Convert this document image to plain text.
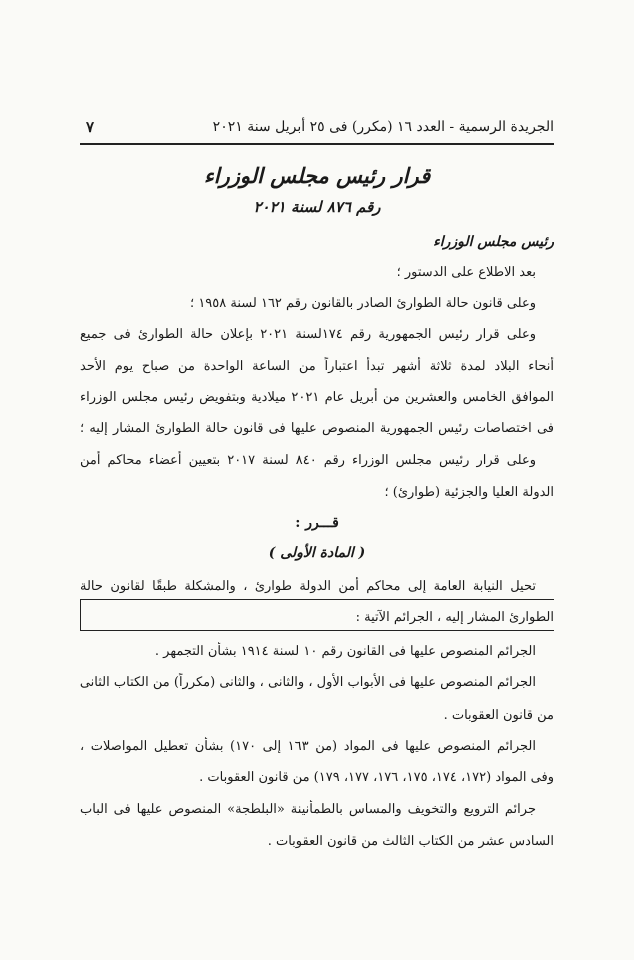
الجريدة الرسمية - العدد ١٦ (مكرر) فى ٢٥ أبريل سنة ٢٠٢١
٧
قرار رئيس مجلس الوزراء
رقم ٨٧٦ لسنة ٢٠٢١
رئيس مجلس الوزراء
بعد الاطلاع على الدستور ؛
وعلى قانون حالة الطوارئ الصادر بالقانون رقم ١٦٢ لسنة ١٩٥٨ ؛
وعلى قرار رئيس الجمهورية رقم ١٧٤لسنة ٢٠٢١ بإعلان حالة الطوارئ فى جميع
أنحاء البلاد لمدة ثلاثة أشهر تبدأ اعتباراً من الساعة الواحدة من صباح يوم الأحد
الموافق الخامس والعشرين من أبريل عام ٢٠٢١ ميلادية وبتفويض رئيس مجلس الوزراء
فى اختصاصات رئيس الجمهورية المنصوص عليها فى قانون حالة الطوارئ المشار إليه ؛
وعلى قرار رئيس مجلس الوزراء رقم ٨٤٠ لسنة ٢٠١٧ بتعيين أعضاء محاكم أمن
الدولة العليا والجزئية (طوارئ) ؛
قـــرر :
( المادة الأولى )
تحيل النيابة العامة إلى محاكم أمن الدولة طوارئ ، والمشكلة طبقًا لقانون حالة
الطوارئ المشار إليه ، الجرائم الآتية :
الجرائم المنصوص عليها فى القانون رقم ١٠ لسنة ١٩١٤ بشأن التجمهر .
الجرائم المنصوص عليها فى الأبواب الأول ، والثانى ، والثانى (مكرراً) من الكتاب الثانى
من قانون العقوبات .
الجرائم المنصوص عليها فى المواد (من ١٦٣ إلى ١٧٠) بشأن تعطيل المواصلات ،
وفى المواد (١٧٢، ١٧٤، ١٧٥، ١٧٦، ١٧٧، ١٧٩) من قانون العقوبات .
جرائم الترويع والتخويف والمساس بالطمأنينة «البلطجة» المنصوص عليها فى الباب
السادس عشر من الكتاب الثالث من قانون العقوبات .
